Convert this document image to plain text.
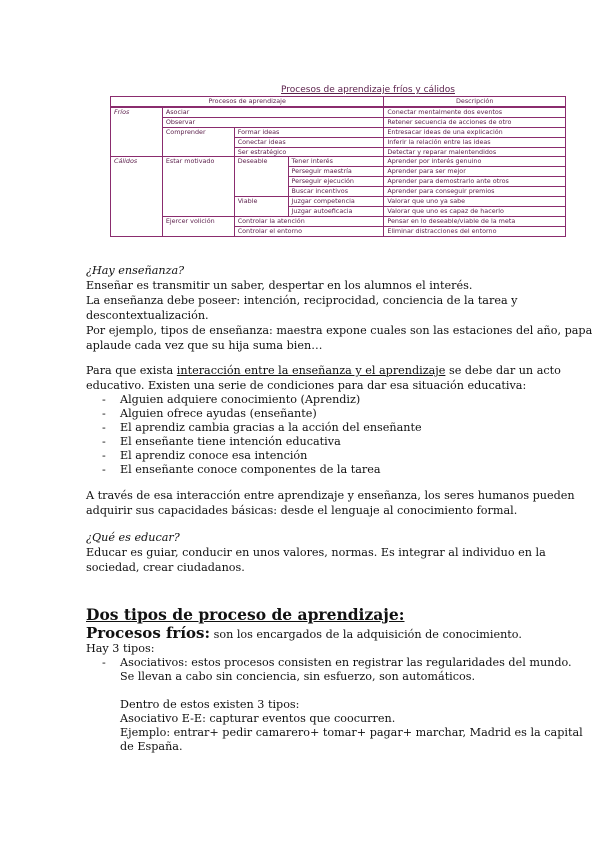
Procesos de aprendizaje fríos y cálidos
Procesos de aprendizaje				Descripción
Fríos	Asociar			Conectar mentalmente dos eventos
	Observar			Retener secuencia de acciones de otro
	Comprender	Formar ideas		Entresacar ideas de una explicación
		Conectar ideas		Inferir la relación entre las ideas
		Ser estratégico		Detectar y reparar malentendidos
Cálidos	Estar motivado	Deseable	Tener interés	Aprender por interés genuino
			Perseguir maestría	Aprender para ser mejor
			Perseguir ejecución	Aprender para demostrarlo ante otros
			Buscar incentivos	Aprender para conseguir premios
		Viable	Juzgar competencia	Valorar que uno ya sabe
			Juzgar autoeficacia	Valorar que uno es capaz de hacerlo
	Ejercer volición	Controlar la atención		Pensar en lo deseable/viable de la meta
		Controlar el entorno		Eliminar distracciones del entorno
¿Hay enseñanza?
Enseñar es transmitir un saber, despertar en los alumnos el interés.
La enseñanza debe poseer: intención, reciprocidad, conciencia de la tarea y
descontextualización.
Por ejemplo, tipos de enseñanza: maestra expone cuales son las estaciones del año, papa
aplaude cada vez que su hija suma bien…
Para que exista interacción entre la enseñanza y el aprendizaje se debe dar un acto
educativo. Existen una serie de condiciones para dar esa situación educativa:
- Alguien adquiere conocimiento (Aprendiz)
- Alguien ofrece ayudas (enseñante)
- El aprendiz cambia gracias a la acción del enseñante
- El enseñante tiene intención educativa
- El aprendiz conoce esa intención
- El enseñante conoce componentes de la tarea
A través de esa interacción entre aprendizaje y enseñanza, los seres humanos pueden
adquirir sus capacidades básicas: desde el lenguaje al conocimiento formal.
¿Qué es educar?
Educar es guiar, conducir en unos valores, normas. Es integrar al individuo en la
sociedad, crear ciudadanos.
Dos tipos de proceso de aprendizaje:
Procesos fríos: son los encargados de la adquisición de conocimiento.
Hay 3 tipos:
- Asociativos: estos procesos consisten en registrar las regularidades del mundo.
Se llevan a cabo sin conciencia, sin esfuerzo, son automáticos.
Dentro de estos existen 3 tipos:
Asociativo E-E: capturar eventos que coocurren.
Ejemplo: entrar+ pedir camarero+ tomar+ pagar+ marchar, Madrid es la capital
de España.
